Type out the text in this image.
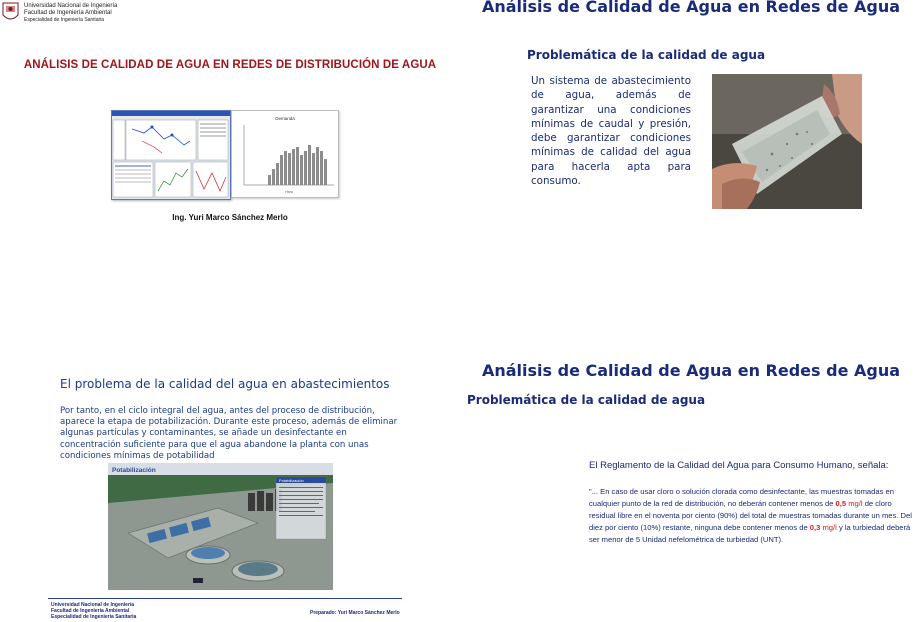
Universidad Nacional de Ingeniería
Facultad de Ingeniería Ambiental
Especialidad de Ingeniería Sanitaria
ANÁLISIS DE CALIDAD DE AGUA EN REDES DE DISTRIBUCIÓN DE AGUA
Demanda
Hora
Ing. Yuri Marco Sánchez Merlo
Análisis de Calidad de Agua en Redes de Agua
Problemática de la calidad de agua
Un sistema de abastecimiento de agua, además de garantizar una condiciones mínimas de caudal y presión, debe garantizar condiciones mínimas de calidad del agua para hacerla apta para consumo.
El problema de la calidad del agua en abastecimientos
Por tanto, en el ciclo integral del agua, antes del proceso de distribución, aparece la etapa de potabilización. Durante este proceso, además de eliminar algunas partículas y contaminantes, se añade un desinfectante en concentración suficiente para que el agua abandone la planta con unas condiciones mínimas de potabilidad
Potabilización
Potabilización
Universidad Nacional de Ingeniería
Facultad de Ingeniería Ambiental
Especialidad de Ingeniería Sanitaria
Preparado: Yuri Marco Sánchez Merlo
Análisis de Calidad de Agua en Redes de Agua
Problemática de la calidad de agua
El Reglamento de la Calidad del Agua para Consumo Humano, señala:
"... En caso de usar cloro o solución clorada como desinfectante, las muestras tomadas en cualquier punto de la red de distribución, no deberán contener menos de 0,5 mg/l de cloro residual libre en el noventa por ciento (90%) del total de muestras tomadas durante un mes. Del diez por ciento (10%) restante, ninguna debe contener menos de 0,3 mg/l y la turbiedad deberá ser menor de 5 Unidad nefelométrica de turbiedad (UNT).
